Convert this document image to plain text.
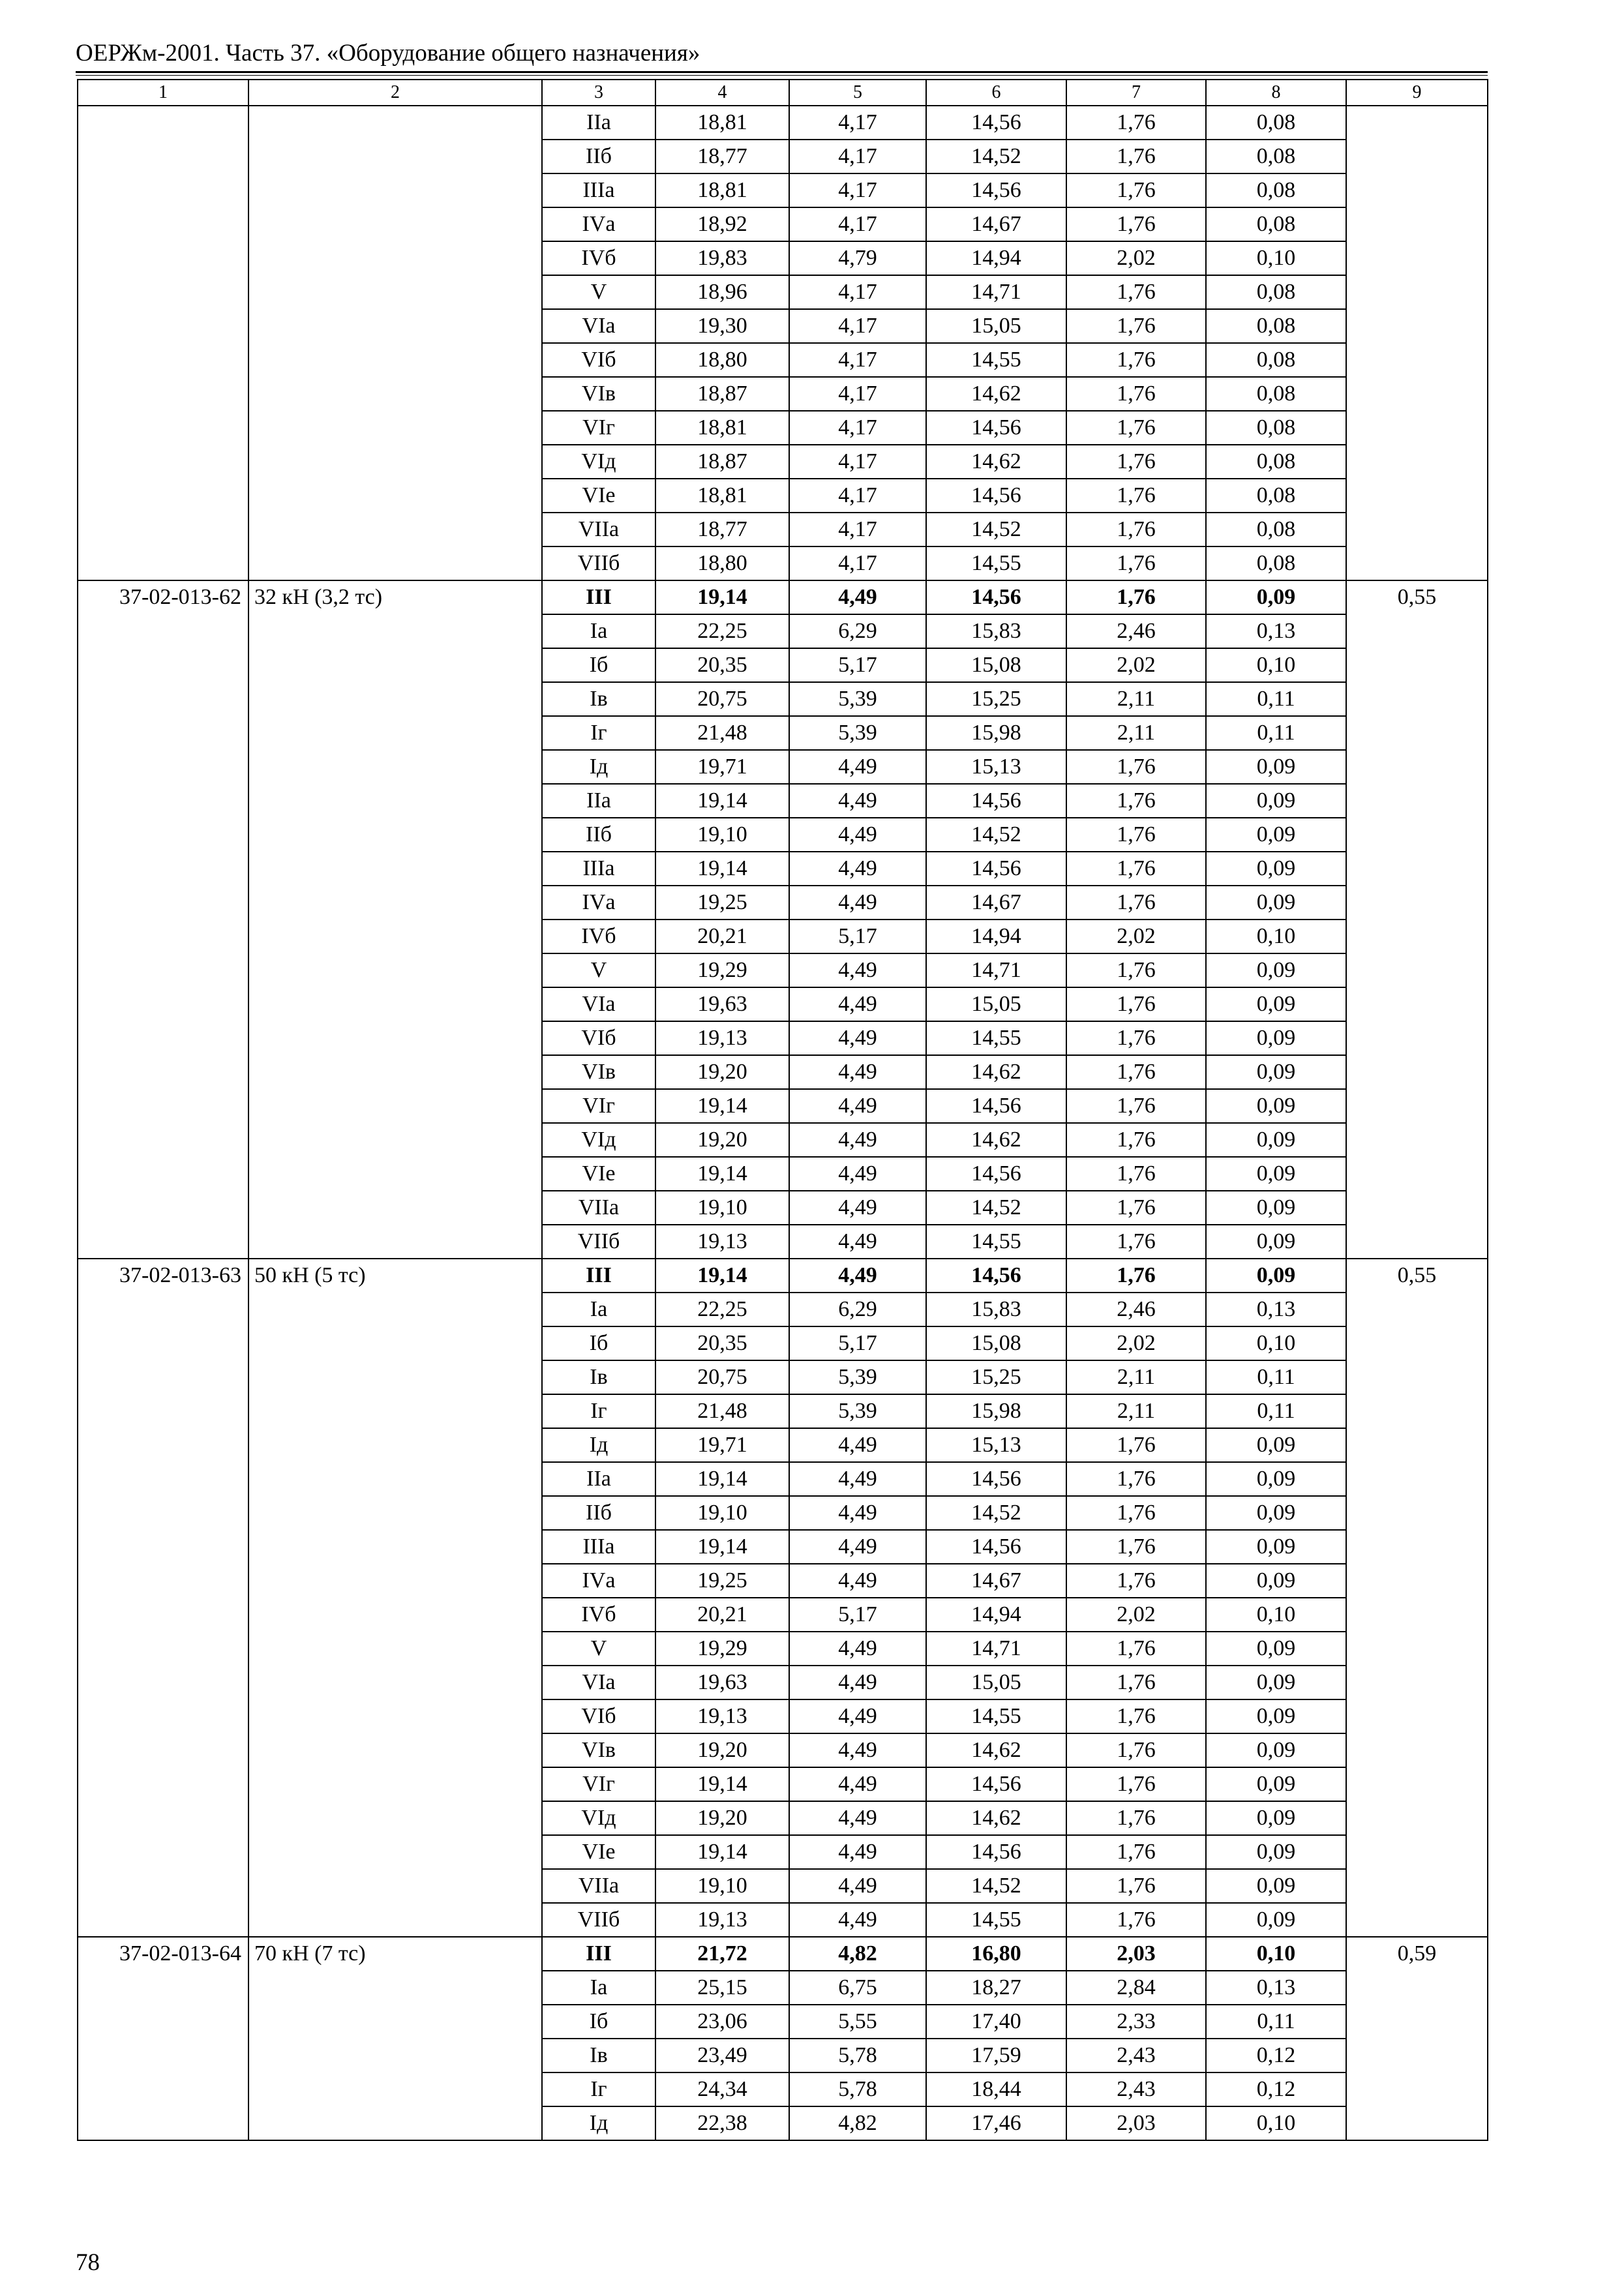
ОЕРЖм-2001. Часть 37. «Оборудование общего назначения»
1	2	3	4	5	6	7	8	9
		IIа	18,81	4,17	14,56	1,76	0,08	
		IIб	18,77	4,17	14,52	1,76	0,08	
		IIIа	18,81	4,17	14,56	1,76	0,08	
		IVа	18,92	4,17	14,67	1,76	0,08	
		IVб	19,83	4,79	14,94	2,02	0,10	
		V	18,96	4,17	14,71	1,76	0,08	
		VIа	19,30	4,17	15,05	1,76	0,08	
		VIб	18,80	4,17	14,55	1,76	0,08	
		VIв	18,87	4,17	14,62	1,76	0,08	
		VIг	18,81	4,17	14,56	1,76	0,08	
		VIд	18,87	4,17	14,62	1,76	0,08	
		VIе	18,81	4,17	14,56	1,76	0,08	
		VIIа	18,77	4,17	14,52	1,76	0,08	
		VIIб	18,80	4,17	14,55	1,76	0,08	
37-02-013-62	32 кН (3,2 тс)	III	19,14	4,49	14,56	1,76	0,09	0,55
		Iа	22,25	6,29	15,83	2,46	0,13	
		Iб	20,35	5,17	15,08	2,02	0,10	
		Iв	20,75	5,39	15,25	2,11	0,11	
		Iг	21,48	5,39	15,98	2,11	0,11	
		Iд	19,71	4,49	15,13	1,76	0,09	
		IIа	19,14	4,49	14,56	1,76	0,09	
		IIб	19,10	4,49	14,52	1,76	0,09	
		IIIа	19,14	4,49	14,56	1,76	0,09	
		IVа	19,25	4,49	14,67	1,76	0,09	
		IVб	20,21	5,17	14,94	2,02	0,10	
		V	19,29	4,49	14,71	1,76	0,09	
		VIа	19,63	4,49	15,05	1,76	0,09	
		VIб	19,13	4,49	14,55	1,76	0,09	
		VIв	19,20	4,49	14,62	1,76	0,09	
		VIг	19,14	4,49	14,56	1,76	0,09	
		VIд	19,20	4,49	14,62	1,76	0,09	
		VIе	19,14	4,49	14,56	1,76	0,09	
		VIIа	19,10	4,49	14,52	1,76	0,09	
		VIIб	19,13	4,49	14,55	1,76	0,09	
37-02-013-63	50 кН (5 тс)	III	19,14	4,49	14,56	1,76	0,09	0,55
		Iа	22,25	6,29	15,83	2,46	0,13	
		Iб	20,35	5,17	15,08	2,02	0,10	
		Iв	20,75	5,39	15,25	2,11	0,11	
		Iг	21,48	5,39	15,98	2,11	0,11	
		Iд	19,71	4,49	15,13	1,76	0,09	
		IIа	19,14	4,49	14,56	1,76	0,09	
		IIб	19,10	4,49	14,52	1,76	0,09	
		IIIа	19,14	4,49	14,56	1,76	0,09	
		IVа	19,25	4,49	14,67	1,76	0,09	
		IVб	20,21	5,17	14,94	2,02	0,10	
		V	19,29	4,49	14,71	1,76	0,09	
		VIа	19,63	4,49	15,05	1,76	0,09	
		VIб	19,13	4,49	14,55	1,76	0,09	
		VIв	19,20	4,49	14,62	1,76	0,09	
		VIг	19,14	4,49	14,56	1,76	0,09	
		VIд	19,20	4,49	14,62	1,76	0,09	
		VIе	19,14	4,49	14,56	1,76	0,09	
		VIIа	19,10	4,49	14,52	1,76	0,09	
		VIIб	19,13	4,49	14,55	1,76	0,09	
37-02-013-64	70 кН (7 тс)	III	21,72	4,82	16,80	2,03	0,10	0,59
		Iа	25,15	6,75	18,27	2,84	0,13	
		Iб	23,06	5,55	17,40	2,33	0,11	
		Iв	23,49	5,78	17,59	2,43	0,12	
		Iг	24,34	5,78	18,44	2,43	0,12	
		Iд	22,38	4,82	17,46	2,03	0,10	
78
